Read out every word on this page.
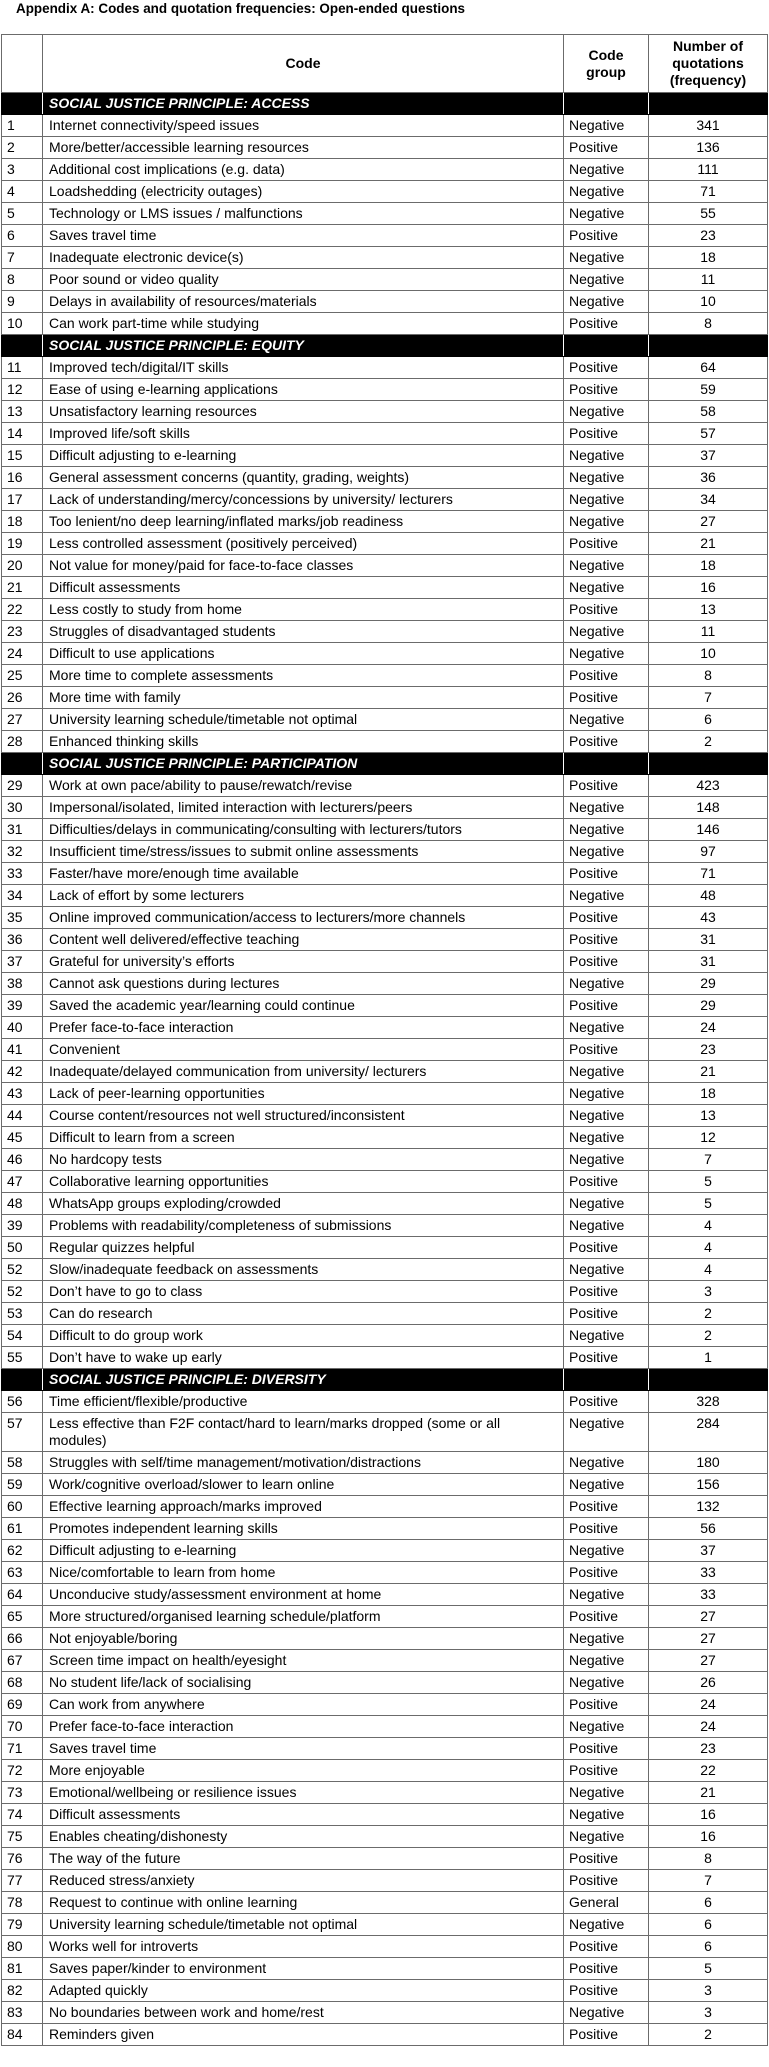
Appendix A: Codes and quotation frequencies: Open-ended questions
	Code	Code group	Number of quotations (frequency)
	SOCIAL JUSTICE PRINCIPLE: ACCESS		
1	Internet connectivity/speed issues	Negative	341
2	More/better/accessible learning resources	Positive	136
3	Additional cost implications (e.g. data)	Negative	111
4	Loadshedding (electricity outages)	Negative	71
5	Technology or LMS issues / malfunctions	Negative	55
6	Saves travel time	Positive	23
7	Inadequate electronic device(s)	Negative	18
8	Poor sound or video quality	Negative	11
9	Delays in availability of resources/materials	Negative	10
10	Can work part-time while studying	Positive	8
	SOCIAL JUSTICE PRINCIPLE: EQUITY		
11	Improved tech/digital/IT skills	Positive	64
12	Ease of using e-learning applications	Positive	59
13	Unsatisfactory learning resources	Negative	58
14	Improved life/soft skills	Positive	57
15	Difficult adjusting to e-learning	Negative	37
16	General assessment concerns (quantity, grading, weights)	Negative	36
17	Lack of understanding/mercy/concessions by university/ lecturers	Negative	34
18	Too lenient/no deep learning/inflated marks/job readiness	Negative	27
19	Less controlled assessment (positively perceived)	Positive	21
20	Not value for money/paid for face-to-face classes	Negative	18
21	Difficult assessments	Negative	16
22	Less costly to study from home	Positive	13
23	Struggles of disadvantaged students	Negative	11
24	Difficult to use applications	Negative	10
25	More time to complete assessments	Positive	8
26	More time with family	Positive	7
27	University learning schedule/timetable not optimal	Negative	6
28	Enhanced thinking skills	Positive	2
	SOCIAL JUSTICE PRINCIPLE: PARTICIPATION		
29	Work at own pace/ability to pause/rewatch/revise	Positive	423
30	Impersonal/isolated, limited interaction with lecturers/peers	Negative	148
31	Difficulties/delays in communicating/consulting with lecturers/tutors	Negative	146
32	Insufficient time/stress/issues to submit online assessments	Negative	97
33	Faster/have more/enough time available	Positive	71
34	Lack of effort by some lecturers	Negative	48
35	Online improved communication/access to lecturers/more channels	Positive	43
36	Content well delivered/effective teaching	Positive	31
37	Grateful for university’s efforts	Positive	31
38	Cannot ask questions during lectures	Negative	29
39	Saved the academic year/learning could continue	Positive	29
40	Prefer face-to-face interaction	Negative	24
41	Convenient	Positive	23
42	Inadequate/delayed communication from university/ lecturers	Negative	21
43	Lack of peer-learning opportunities	Negative	18
44	Course content/resources not well structured/inconsistent	Negative	13
45	Difficult to learn from a screen	Negative	12
46	No hardcopy tests	Negative	7
47	Collaborative learning opportunities	Positive	5
48	WhatsApp groups exploding/crowded	Negative	5
39	Problems with readability/completeness of submissions	Negative	4
50	Regular quizzes helpful	Positive	4
52	Slow/inadequate feedback on assessments	Negative	4
52	Don’t have to go to class	Positive	3
53	Can do research	Positive	2
54	Difficult to do group work	Negative	2
55	Don’t have to wake up early	Positive	1
	SOCIAL JUSTICE PRINCIPLE: DIVERSITY		
56	Time efficient/flexible/productive	Positive	328
57	Less effective than F2F contact/hard to learn/marks dropped (some or all modules)	Negative	284
58	Struggles with self/time management/motivation/distractions	Negative	180
59	Work/cognitive overload/slower to learn online	Negative	156
60	Effective learning approach/marks improved	Positive	132
61	Promotes independent learning skills	Positive	56
62	Difficult adjusting to e-learning	Negative	37
63	Nice/comfortable to learn from home	Positive	33
64	Unconducive study/assessment environment at home	Negative	33
65	More structured/organised learning schedule/platform	Positive	27
66	Not enjoyable/boring	Negative	27
67	Screen time impact on health/eyesight	Negative	27
68	No student life/lack of socialising	Negative	26
69	Can work from anywhere	Positive	24
70	Prefer face-to-face interaction	Negative	24
71	Saves travel time	Positive	23
72	More enjoyable	Positive	22
73	Emotional/wellbeing or resilience issues	Negative	21
74	Difficult assessments	Negative	16
75	Enables cheating/dishonesty	Negative	16
76	The way of the future	Positive	8
77	Reduced stress/anxiety	Positive	7
78	Request to continue with online learning	General	6
79	University learning schedule/timetable not optimal	Negative	6
80	Works well for introverts	Positive	6
81	Saves paper/kinder to environment	Positive	5
82	Adapted quickly	Positive	3
83	No boundaries between work and home/rest	Negative	3
84	Reminders given	Positive	2
